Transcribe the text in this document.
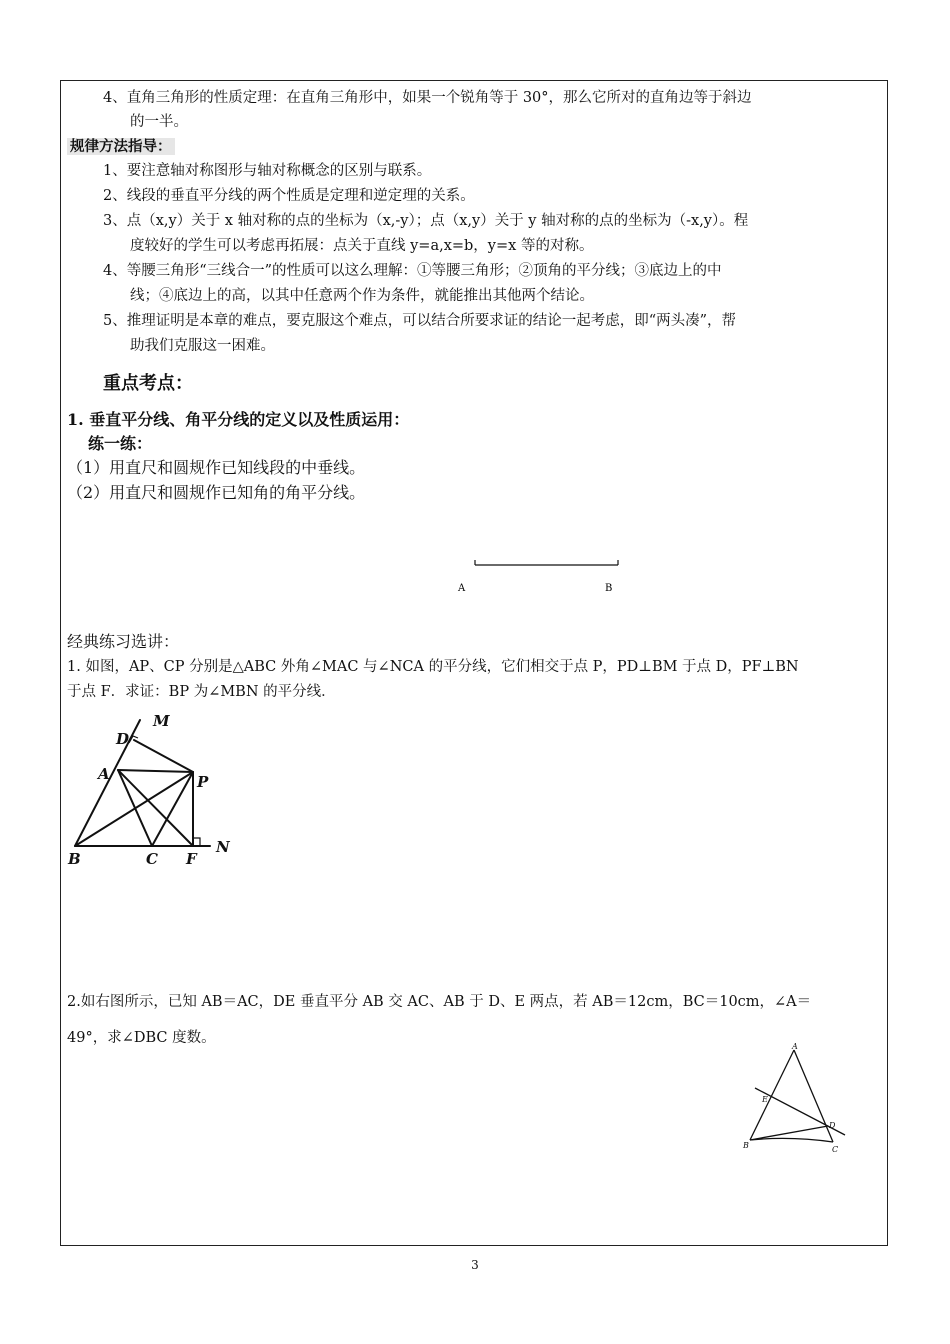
4、直角三角形的性质定理：在直角三角形中，如果一个锐角等于 30°，那么它所对的直角边等于斜边
的一半。
规律方法指导：
1、要注意轴对称图形与轴对称概念的区别与联系。
2、线段的垂直平分线的两个性质是定理和逆定理的关系。
3、点（x,y）关于 x 轴对称的点的坐标为（x,-y）；点（x,y）关于 y 轴对称的点的坐标为（-x,y）。程
度较好的学生可以考虑再拓展：点关于直线 y=a,x=b，y=x 等的对称。
4、等腰三角形“三线合一”的性质可以这么理解：①等腰三角形；②顶角的平分线；③底边上的中
线；④底边上的高，以其中任意两个作为条件，就能推出其他两个结论。
5、推理证明是本章的难点，要克服这个难点，可以结合所要求证的结论一起考虑，即“两头凑”，帮
助我们克服这一困难。
重点考点：
1. 垂直平分线、角平分线的定义以及性质运用：
练一练：
（1）用直尺和圆规作已知线段的中垂线。
（2）用直尺和圆规作已知角的角平分线。
A	B
经典练习选讲：
1. 如图，AP、CP 分别是△ABC 外角∠MAC 与∠NCA 的平分线，它们相交于点 P，PD⊥BM 于点 D，PF⊥BN
于点 F．求证：BP 为∠MBN 的平分线．
M
D
A	P
B	C F
N
2.如右图所示，已知 AB＝AC，DE 垂直平分 AB 交 AC、AB 于 D、E 两点，若 AB＝12cm，BC＝10cm，∠A＝
49°，求∠DBC 度数。
A
E
D
B	C
3
